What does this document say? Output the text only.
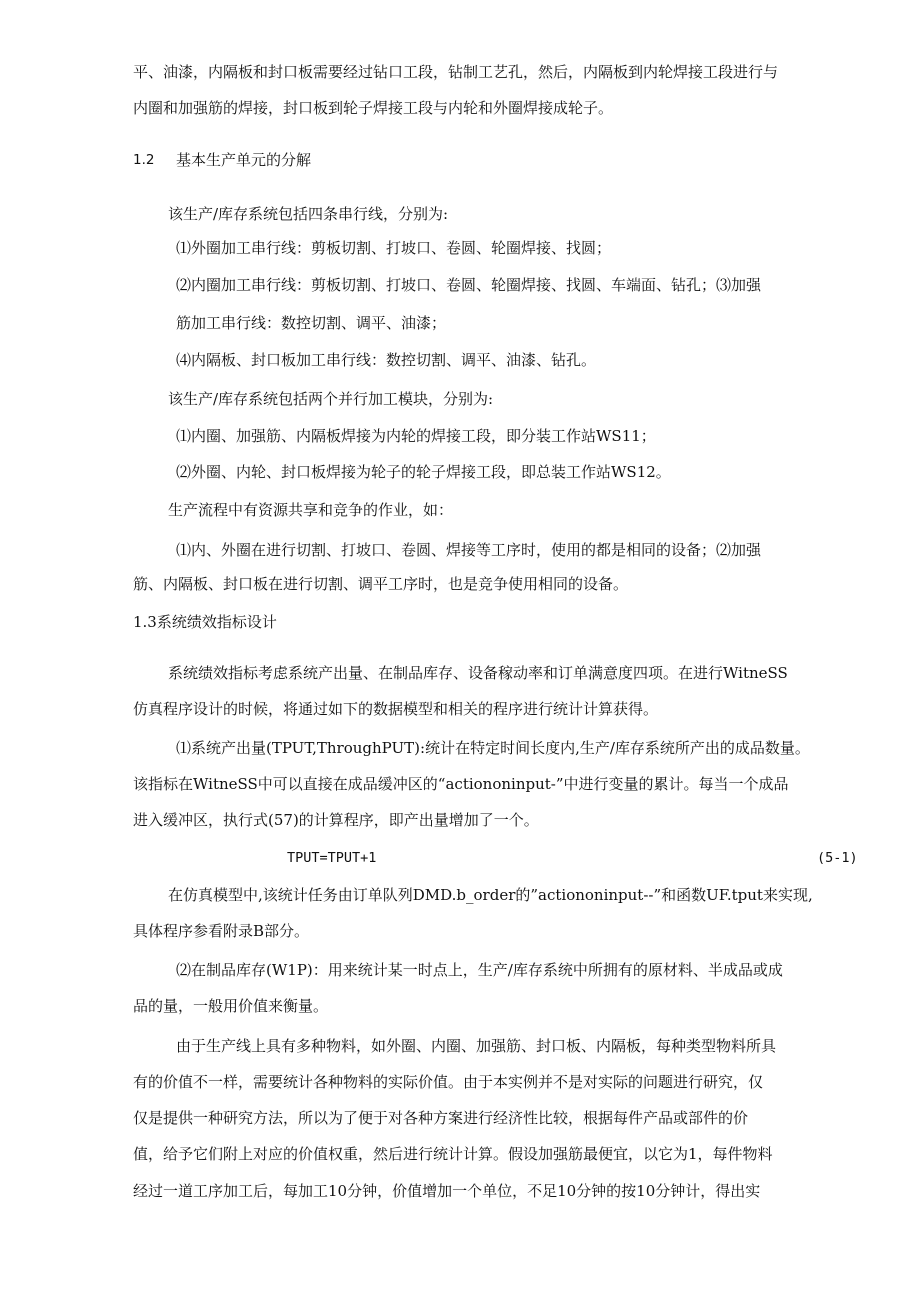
平、油漆，内隔板和封口板需要经过钻口工段，钻制工艺孔，然后，内隔板到内轮焊接工段进行与
内圈和加强筋的焊接，封口板到轮子焊接工段与内轮和外圈焊接成轮子。
1.2 基本生产单元的分解
该生产/库存系统包括四条串行线，分别为:
⑴外圈加工串行线：剪板切割、打坡口、卷圆、轮圈焊接、找圆；
⑵内圈加工串行线：剪板切割、打坡口、卷圆、轮圈焊接、找圆、车端面、钻孔；⑶加强
筋加工串行线：数控切割、调平、油漆；
⑷内隔板、封口板加工串行线：数控切割、调平、油漆、钻孔。
该生产/库存系统包括两个并行加工模块，分别为:
⑴内圈、加强筋、内隔板焊接为内轮的焊接工段，即分装工作站WS11；
⑵外圈、内轮、封口板焊接为轮子的轮子焊接工段，即总装工作站WS12。
生产流程中有资源共享和竞争的作业，如：
⑴内、外圈在进行切割、打坡口、卷圆、焊接等工序时，使用的都是相同的设备；⑵加强
筋、内隔板、封口板在进行切割、调平工序时，也是竞争使用相同的设备。
1.3系统绩效指标设计
系统绩效指标考虑系统产出量、在制品库存、设备稼动率和订单满意度四项。在进行WitneSS
仿真程序设计的时候，将通过如下的数据模型和相关的程序进行统计计算获得。
⑴系统产出量(TPUT,ThroughPUT):统计在特定时间长度内,生产/库存系统所产出的成品数量。
该指标在WitneSS中可以直接在成品缓冲区的“actiononinput-”中进行变量的累计。每当一个成品
进入缓冲区，执行式(57)的计算程序，即产出量增加了一个。
TPUT=TPUT+1	(5-1)
在仿真模型中,该统计任务由订单队列DMD.b_order的”actiononinput--”和函数UF.tput来实现,
具体程序参看附录B部分。
⑵在制品库存(W1P)：用来统计某一时点上，生产/库存系统中所拥有的原材料、半成品或成
品的量，一般用价值来衡量。
由于生产线上具有多种物料，如外圈、内圈、加强筋、封口板、内隔板，每种类型物料所具
有的价值不一样，需要统计各种物料的实际价值。由于本实例并不是对实际的问题进行研究，仅
仅是提供一种研究方法，所以为了便于对各种方案进行经济性比较，根据每件产品或部件的价
值，给予它们附上对应的价值权重，然后进行统计计算。假设加强筋最便宜，以它为1，每件物料
经过一道工序加工后，每加工10分钟，价值增加一个单位，不足10分钟的按10分钟计，得出实
